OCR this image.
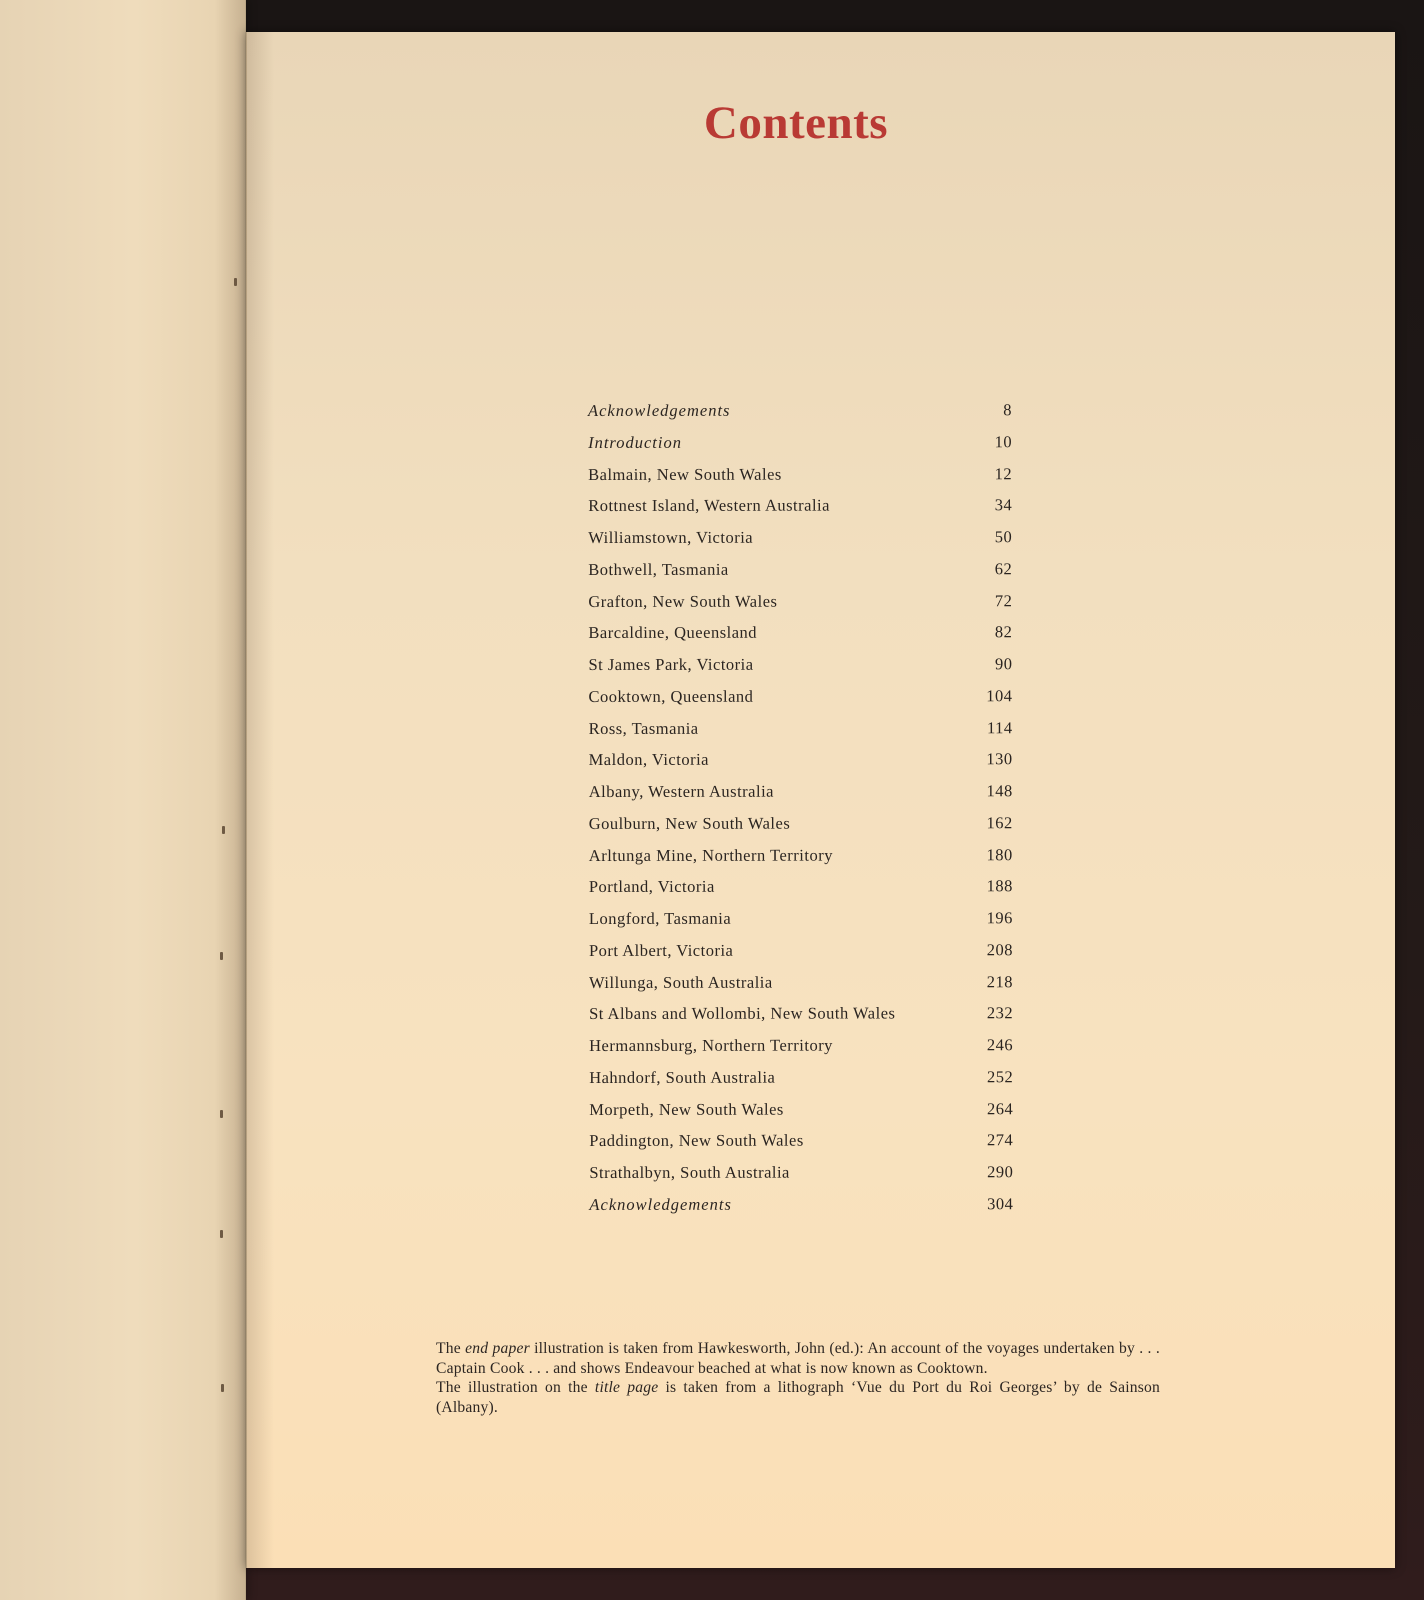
Contents
Acknowledgements	8
Introduction	10
Balmain, New South Wales	12
Rottnest Island, Western Australia	34
Williamstown, Victoria	50
Bothwell, Tasmania	62
Grafton, New South Wales	72
Barcaldine, Queensland	82
St James Park, Victoria	90
Cooktown, Queensland	104
Ross, Tasmania	114
Maldon, Victoria	130
Albany, Western Australia	148
Goulburn, New South Wales	162
Arltunga Mine, Northern Territory	180
Portland, Victoria	188
Longford, Tasmania	196
Port Albert, Victoria	208
Willunga, South Australia	218
St Albans and Wollombi, New South Wales	232
Hermannsburg, Northern Territory	246
Hahndorf, South Australia	252
Morpeth, New South Wales	264
Paddington, New South Wales	274
Strathalbyn, South Australia	290
Acknowledgements	304

The end paper illustration is taken from Hawkesworth, John (ed.): An account of the voyages undertaken by . . . Captain Cook . . . and shows Endeavour beached at what is now known as Cooktown.

The illustration on the title page is taken from a lithograph ‘Vue du Port du Roi Georges’ by de Sainson (Albany).
